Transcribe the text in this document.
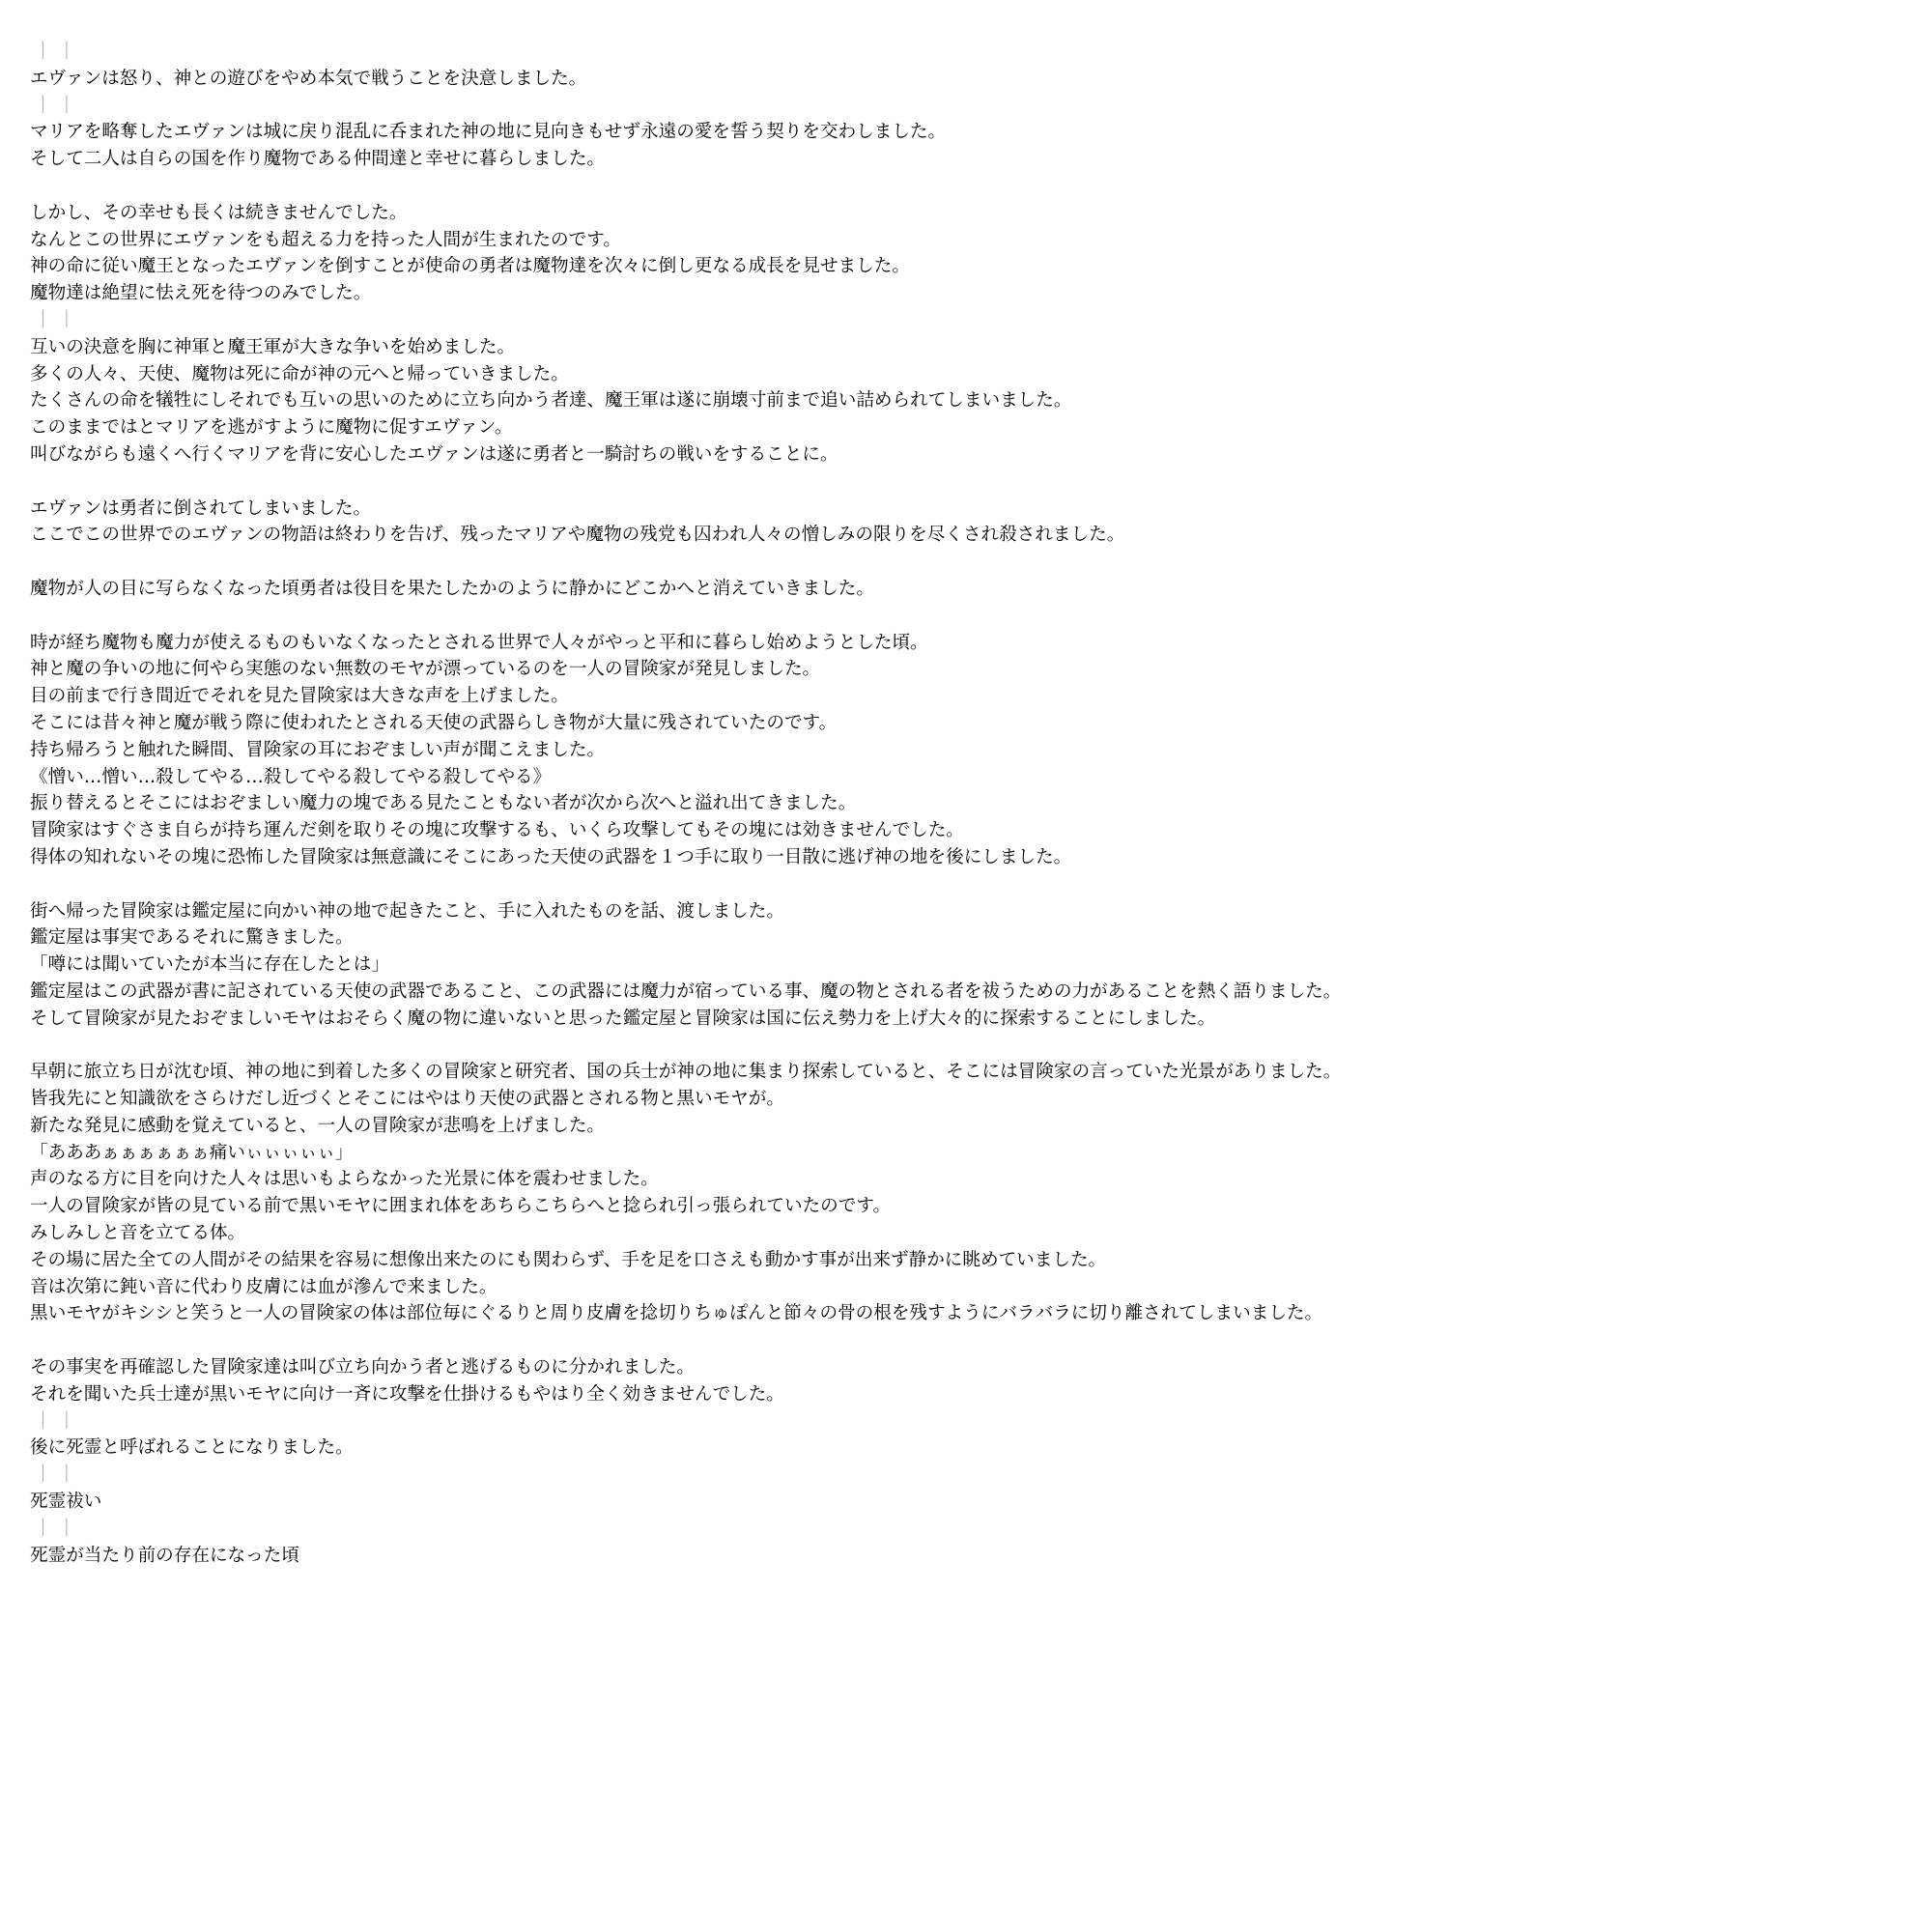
｜｜
エヴァンは怒り、神との遊びをやめ本気で戦うことを決意しました。
｜｜
マリアを略奪したエヴァンは城に戻り混乱に呑まれた神の地に見向きもせず永遠の愛を誓う契りを交わしました。
そして二人は自らの国を作り魔物である仲間達と幸せに暮らしました。
しかし、その幸せも長くは続きませんでした。
なんとこの世界にエヴァンをも超える力を持った人間が生まれたのです。
神の命に従い魔王となったエヴァンを倒すことが使命の勇者は魔物達を次々に倒し更なる成長を見せました。
魔物達は絶望に怯え死を待つのみでした。
｜｜
互いの決意を胸に神軍と魔王軍が大きな争いを始めました。
多くの人々、天使、魔物は死に命が神の元へと帰っていきました。
たくさんの命を犠牲にしそれでも互いの思いのために立ち向かう者達、魔王軍は遂に崩壊寸前まで追い詰められてしまいました。
このままではとマリアを逃がすように魔物に促すエヴァン。
叫びながらも遠くへ行くマリアを背に安心したエヴァンは遂に勇者と一騎討ちの戦いをすることに。
エヴァンは勇者に倒されてしまいました。
ここでこの世界でのエヴァンの物語は終わりを告げ、残ったマリアや魔物の残党も囚われ人々の憎しみの限りを尽くされ殺されました。
魔物が人の目に写らなくなった頃勇者は役目を果たしたかのように静かにどこかへと消えていきました。
時が経ち魔物も魔力が使えるものもいなくなったとされる世界で人々がやっと平和に暮らし始めようとした頃。
神と魔の争いの地に何やら実態のない無数のモヤが漂っているのを一人の冒険家が発見しました。
目の前まで行き間近でそれを見た冒険家は大きな声を上げました。
そこには昔々神と魔が戦う際に使われたとされる天使の武器らしき物が大量に残されていたのです。
持ち帰ろうと触れた瞬間、冒険家の耳におぞましい声が聞こえました。
《憎い…憎い…殺してやる…殺してやる殺してやる殺してやる》
振り替えるとそこにはおぞましい魔力の塊である見たこともない者が次から次へと溢れ出てきました。
冒険家はすぐさま自らが持ち運んだ剣を取りその塊に攻撃するも、いくら攻撃してもその塊には効きませんでした。
得体の知れないその塊に恐怖した冒険家は無意識にそこにあった天使の武器を１つ手に取り一目散に逃げ神の地を後にしました。
街へ帰った冒険家は鑑定屋に向かい神の地で起きたこと、手に入れたものを話、渡しました。
鑑定屋は事実であるそれに驚きました。
「噂には聞いていたが本当に存在したとは」
鑑定屋はこの武器が書に記されている天使の武器であること、この武器には魔力が宿っている事、魔の物とされる者を祓うための力があることを熱く語りました。
そして冒険家が見たおぞましいモヤはおそらく魔の物に違いないと思った鑑定屋と冒険家は国に伝え勢力を上げ大々的に探索することにしました。
早朝に旅立ち日が沈む頃、神の地に到着した多くの冒険家と研究者、国の兵士が神の地に集まり探索していると、そこには冒険家の言っていた光景がありました。
皆我先にと知識欲をさらけだし近づくとそこにはやはり天使の武器とされる物と黒いモヤが。
新たな発見に感動を覚えていると、一人の冒険家が悲鳴を上げました。
「あああぁぁぁぁぁぁ痛いぃぃぃぃぃ」
声のなる方に目を向けた人々は思いもよらなかった光景に体を震わせました。
一人の冒険家が皆の見ている前で黒いモヤに囲まれ体をあちらこちらへと捻られ引っ張られていたのです。
みしみしと音を立てる体。
その場に居た全ての人間がその結果を容易に想像出来たのにも関わらず、手を足を口さえも動かす事が出来ず静かに眺めていました。
音は次第に鈍い音に代わり皮膚には血が滲んで来ました。
黒いモヤがキシシと笑うと一人の冒険家の体は部位毎にぐるりと周り皮膚を捻切りちゅぽんと節々の骨の根を残すようにバラバラに切り離されてしまいました。
その事実を再確認した冒険家達は叫び立ち向かう者と逃げるものに分かれました。
それを聞いた兵士達が黒いモヤに向け一斉に攻撃を仕掛けるもやはり全く効きませんでした。
｜｜
後に死霊と呼ばれることになりました。
｜｜
死霊祓い
｜｜
死霊が当たり前の存在になった頃
